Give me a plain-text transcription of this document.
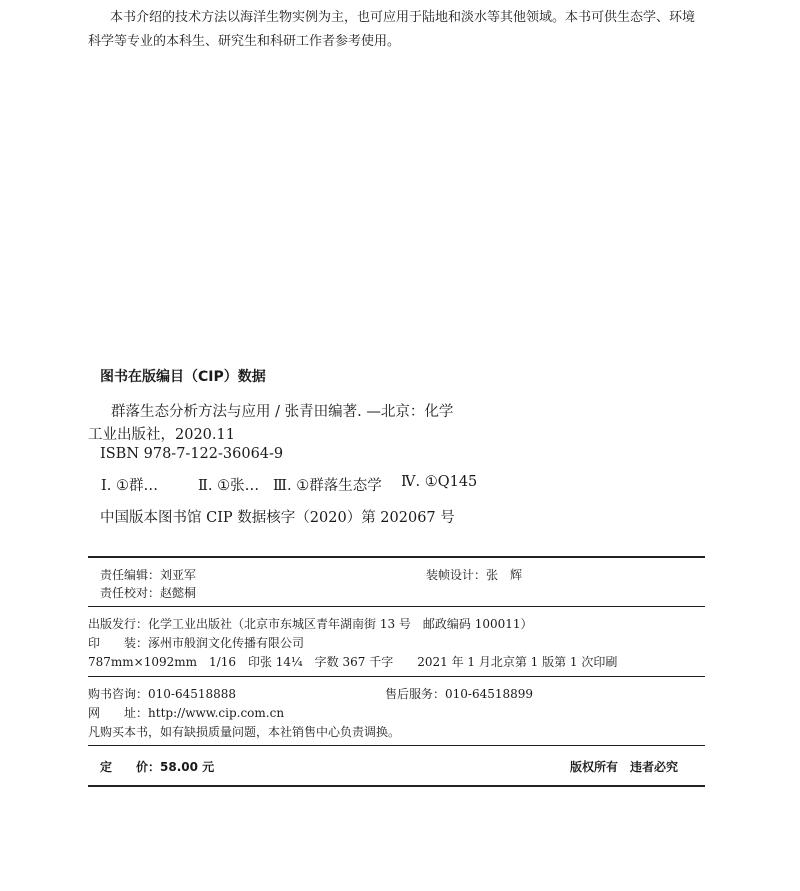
本书介绍的技术方法以海洋生物实例为主，也可应用于陆地和淡水等其他领域。本书可供生态学、环境
科学等专业的本科生、研究生和科研工作者参考使用。
图书在版编目（CIP）数据
群落生态分析方法与应用 / 张青田编著. —北京：化学
工业出版社，2020.11
ISBN 978-7-122-36064-9
Ⅰ. ①群…	Ⅱ. ①张… Ⅲ. ①群落生态学 Ⅳ. ①Q145
中国版本图书馆 CIP 数据核字（2020）第 202067 号
责任编辑：刘亚军	装帧设计：张　辉
责任校对：赵懿桐
出版发行：化学工业出版社（北京市东城区青年湖南街 13 号　邮政编码 100011）
印　　装：涿州市般润文化传播有限公司
787mm×1092mm　1/16　印张 14¼　字数 367 千字　　2021 年 1 月北京第 1 版第 1 次印刷
购书咨询：010-64518888	售后服务：010-64518899
网　　址：http://www.cip.com.cn
凡购买本书，如有缺损质量问题，本社销售中心负责调换。
定　　价：58.00 元	版权所有　违者必究
